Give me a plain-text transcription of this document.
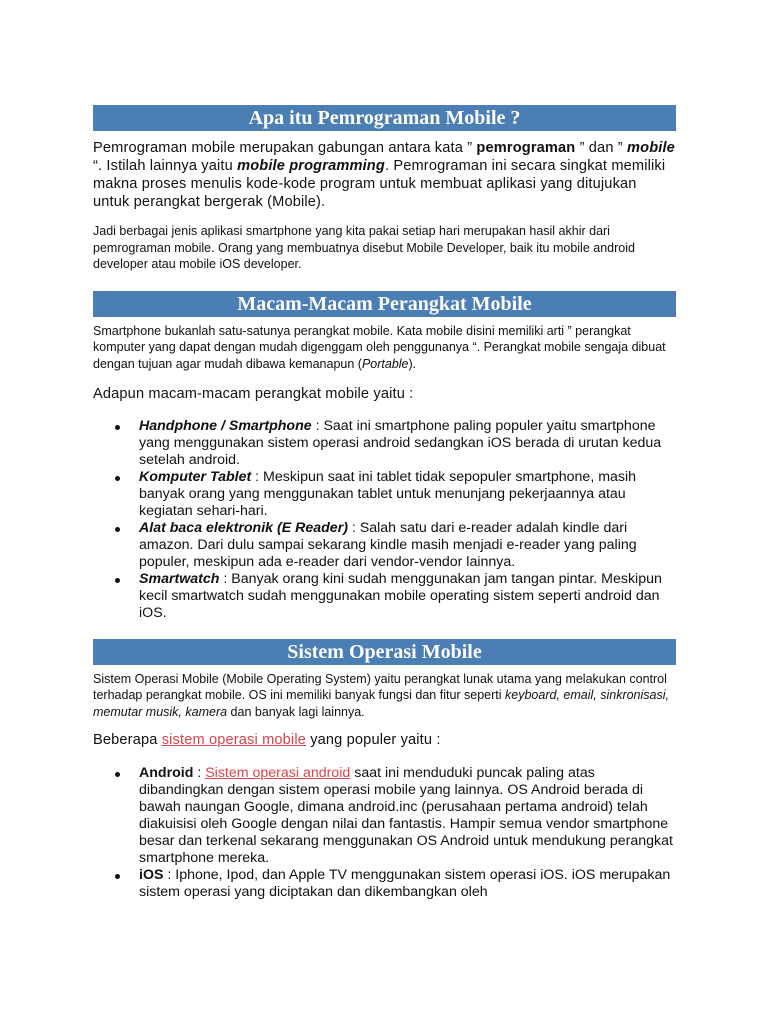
Apa itu Pemrograman Mobile ?

Pemrograman mobile merupakan gabungan antara kata ” pemrograman ” dan ” mobile “. Istilah lainnya yaitu mobile programming. Pemrograman ini secara singkat memiliki makna proses menulis kode-kode program untuk membuat aplikasi yang ditujukan untuk perangkat bergerak (Mobile).

Jadi berbagai jenis aplikasi smartphone yang kita pakai setiap hari merupakan hasil akhir dari pemrograman mobile. Orang yang membuatnya disebut Mobile Developer, baik itu mobile android developer atau mobile iOS developer.

Macam-Macam Perangkat Mobile

Smartphone bukanlah satu-satunya perangkat mobile. Kata mobile disini memiliki arti ” perangkat komputer yang dapat dengan mudah digenggam oleh penggunanya “. Perangkat mobile sengaja dibuat dengan tujuan agar mudah dibawa kemanapun (Portable).

Adapun macam-macam perangkat mobile yaitu :

Handphone / Smartphone : Saat ini smartphone paling populer yaitu smartphone yang menggunakan sistem operasi android sedangkan iOS berada di urutan kedua setelah android.
Komputer Tablet : Meskipun saat ini tablet tidak sepopuler smartphone, masih banyak orang yang menggunakan tablet untuk menunjang pekerjaannya atau kegiatan sehari-hari.
Alat baca elektronik (E Reader) : Salah satu dari e-reader adalah kindle dari amazon. Dari dulu sampai sekarang kindle masih menjadi e-reader yang paling populer, meskipun ada e-reader dari vendor-vendor lainnya.
Smartwatch : Banyak orang kini sudah menggunakan jam tangan pintar. Meskipun kecil smartwatch sudah menggunakan mobile operating sistem seperti android dan iOS.
Sistem Operasi Mobile

Sistem Operasi Mobile (Mobile Operating System) yaitu perangkat lunak utama yang melakukan control terhadap perangkat mobile. OS ini memiliki banyak fungsi dan fitur seperti keyboard, email, sinkronisasi, memutar musik, kamera dan banyak lagi lainnya.

Beberapa sistem operasi mobile yang populer yaitu :

Android : Sistem operasi android saat ini menduduki puncak paling atas dibandingkan dengan sistem operasi mobile yang lainnya. OS Android berada di bawah naungan Google, dimana android.inc (perusahaan pertama android) telah diakuisisi oleh Google dengan nilai dan fantastis. Hampir semua vendor smartphone besar dan terkenal sekarang menggunakan OS Android untuk mendukung perangkat smartphone mereka.
iOS : Iphone, Ipod, dan Apple TV menggunakan sistem operasi iOS. iOS merupakan sistem operasi yang diciptakan dan dikembangkan oleh
